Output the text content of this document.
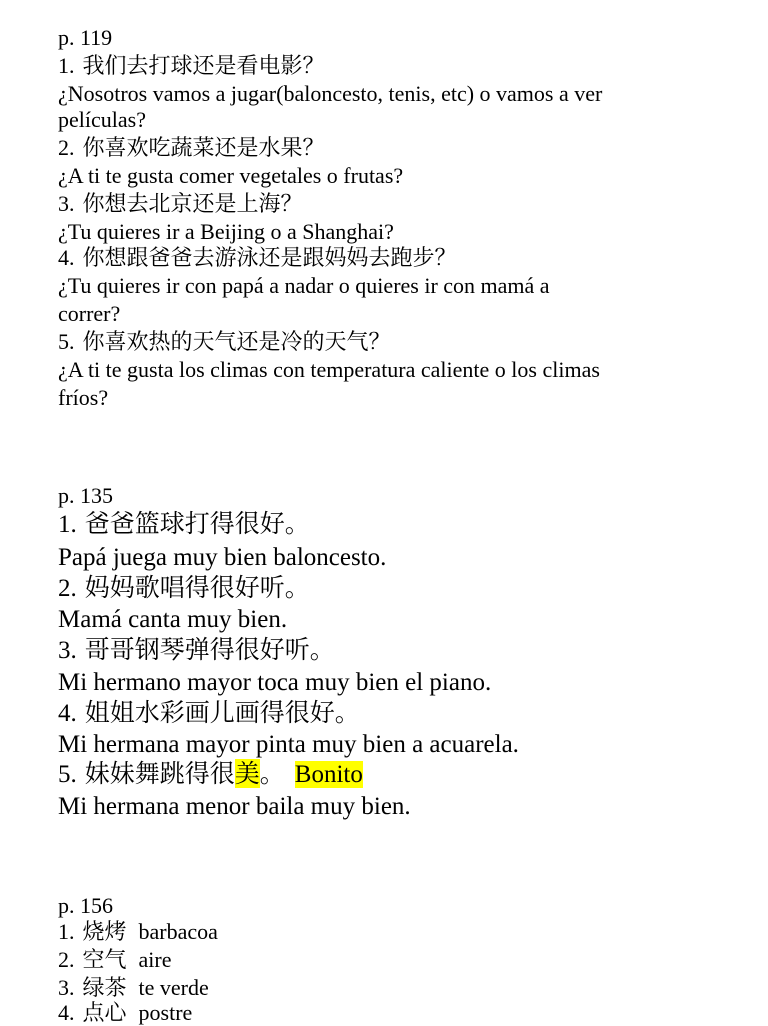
p. 119
1. 我们去打球还是看电影？
¿Nosotros vamos a jugar(baloncesto, tenis, etc) o vamos a ver
películas?
2. 你喜欢吃蔬菜还是水果？
¿A ti te gusta comer vegetales o frutas?
3. 你想去北京还是上海？
¿Tu quieres ir a Beijing o a Shanghai?
4. 你想跟爸爸去游泳还是跟妈妈去跑步？
¿Tu quieres ir con papá a nadar o quieres ir con mamá a
correr?
5. 你喜欢热的天气还是冷的天气？
¿A ti te gusta los climas con temperatura caliente o los climas
fríos?
p. 135
1. 爸爸篮球打得很好。
Papá juega muy bien baloncesto.
2. 妈妈歌唱得很好听。
Mamá canta muy bien.
3. 哥哥钢琴弹得很好听。
Mi hermano mayor toca muy bien el piano.
4. 姐姐水彩画儿画得很好。
Mi hermana mayor pinta muy bien a acuarela.
5. 妹妹舞跳得很美。 Bonito
Mi hermana menor baila muy bien.
p. 156
1. 烧烤 barbacoa
2. 空气 aire
3. 绿茶 te verde
4. 点心 postre
